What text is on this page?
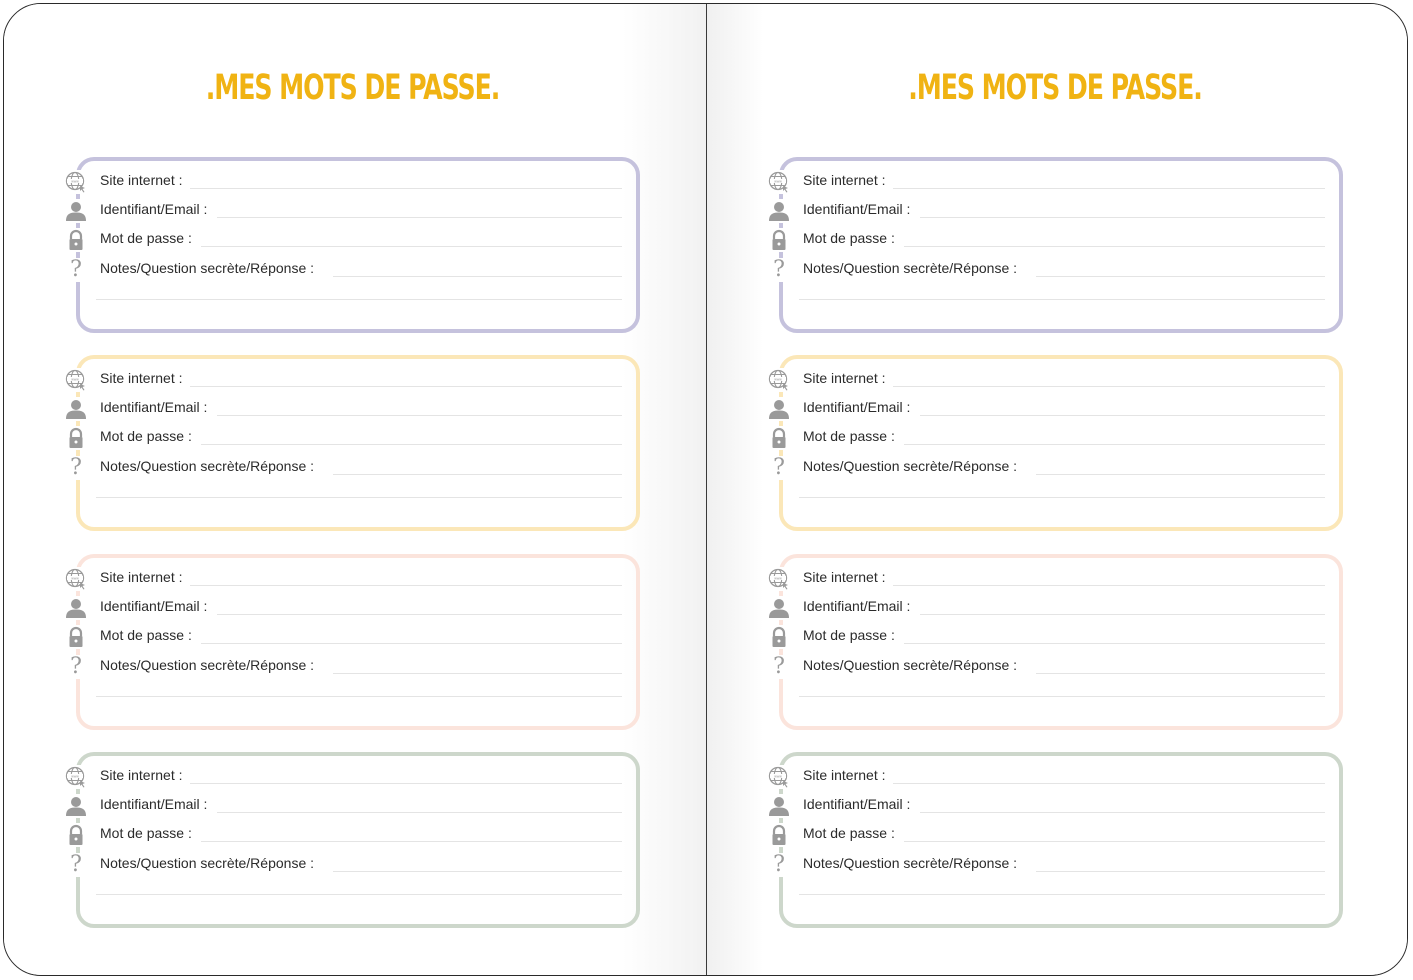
.MES MOTS DE PASSE.
www Site internet :
Identifiant/Email :
Mot de passe :
? Notes/Question secrète/Réponse :
www Site internet :
Identifiant/Email :
Mot de passe :
? Notes/Question secrète/Réponse :
www Site internet :
Identifiant/Email :
Mot de passe :
? Notes/Question secrète/Réponse :
www Site internet :
Identifiant/Email :
Mot de passe :
? Notes/Question secrète/Réponse :
.MES MOTS DE PASSE.
www Site internet :
Identifiant/Email :
Mot de passe :
? Notes/Question secrète/Réponse :
www Site internet :
Identifiant/Email :
Mot de passe :
? Notes/Question secrète/Réponse :
www Site internet :
Identifiant/Email :
Mot de passe :
? Notes/Question secrète/Réponse :
www Site internet :
Identifiant/Email :
Mot de passe :
? Notes/Question secrète/Réponse :
